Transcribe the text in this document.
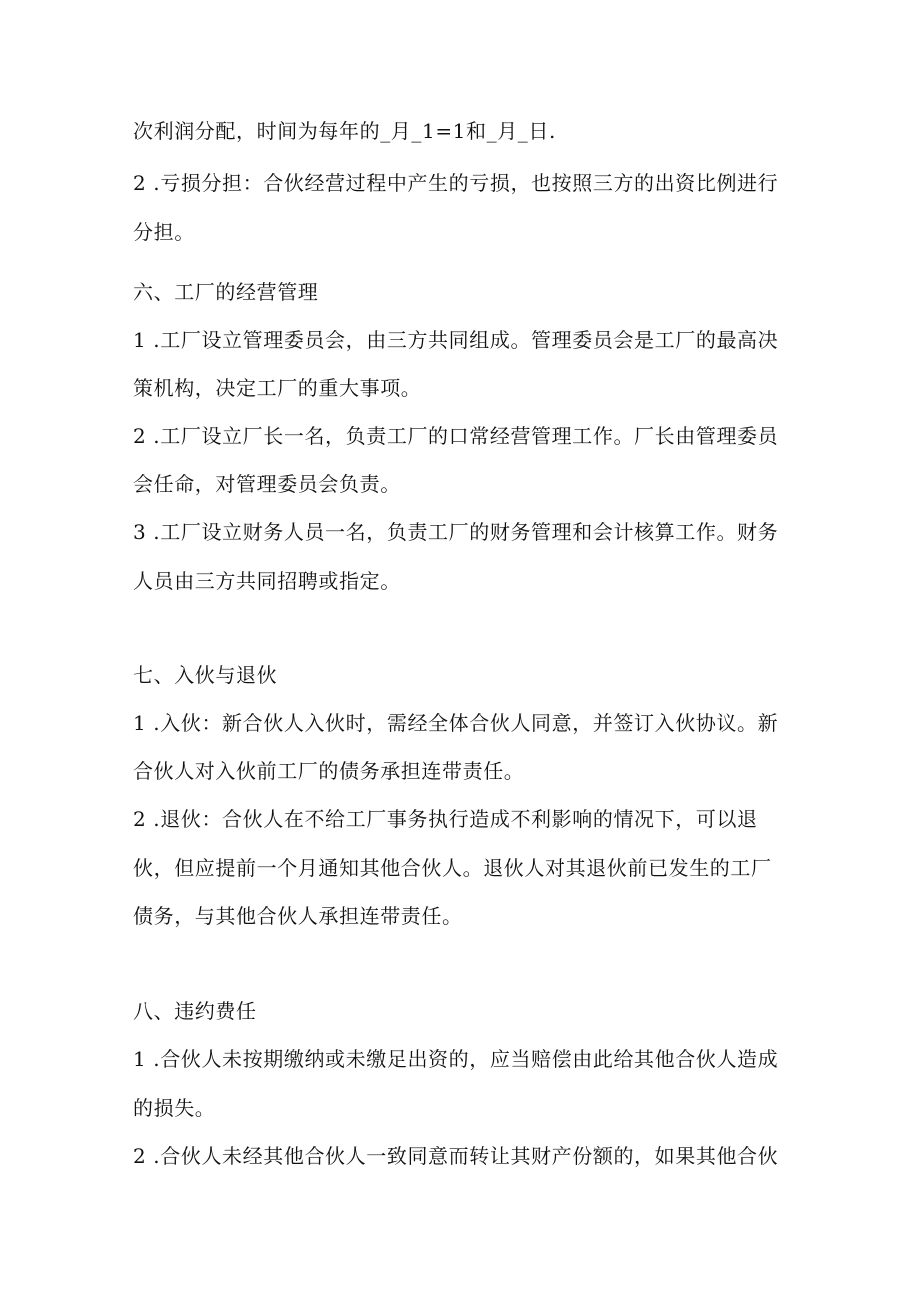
次利润分配，时间为每年的_月_1=1和_月_日.
2 .亏损分担：合伙经营过程中产生的亏损，也按照三方的出资比例进行
分担。
六、工厂的经营管理
1 .工厂设立管理委员会，由三方共同组成。管理委员会是工厂的最高决
策机构，决定工厂的重大事项。
2 .工厂设立厂长一名，负责工厂的口常经营管理工作。厂长由管理委员
会任命，对管理委员会负责。
3 .工厂设立财务人员一名，负责工厂的财务管理和会计核算工作。财务
人员由三方共同招聘或指定。
七、入伙与退伙
1 .入伙：新合伙人入伙时，需经全体合伙人同意，并签订入伙协议。新
合伙人对入伙前工厂的债务承担连带责任。
2 .退伙：合伙人在不给工厂事务执行造成不利影响的情况下，可以退
伙，但应提前一个月通知其他合伙人。退伙人对其退伙前已发生的工厂
债务，与其他合伙人承担连带责任。
八、违约费任
1 .合伙人未按期缴纳或未缴足出资的，应当赔偿由此给其他合伙人造成
的损失。
2 .合伙人未经其他合伙人一致同意而转让其财产份额的，如果其他合伙
